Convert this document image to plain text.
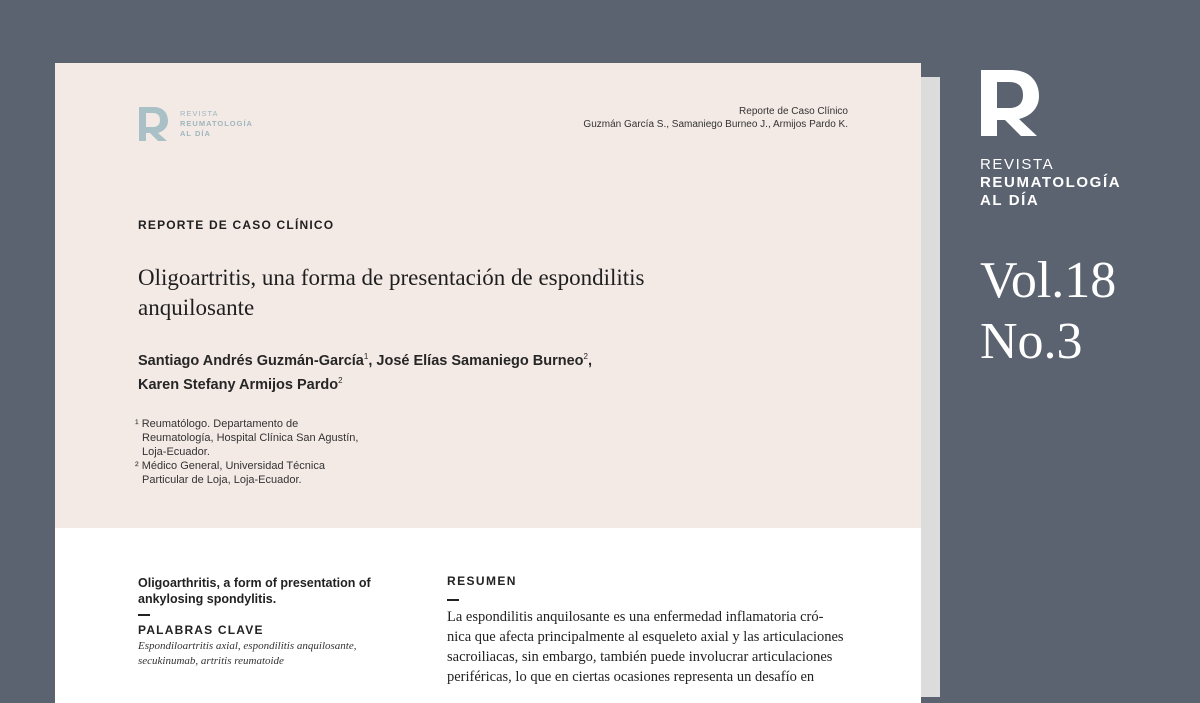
REVISTA
REUMATOLOGÍA
AL DÍA
Reporte de Caso Clínico
Guzmán García S., Samaniego Burneo J., Armijos Pardo K.
REPORTE DE CASO CLÍNICO
Oligoartritis, una forma de presentación de espondilitis anquilosante
Santiago Andrés Guzmán-García$^1$, José Elías Samaniego Burneo$^2$,
Karen Stefany Armijos Pardo$^2$
¹ Reumatólogo. Departamento de
Reumatología, Hospital Clínica San Agustín,
Loja-Ecuador.
² Médico General, Universidad Técnica
Particular de Loja, Loja-Ecuador.
Oligoarthritis, a form of presentation of ankylosing spondylitis.
PALABRAS CLAVE
Espondiloartritis axial, espondilitis anquilosante, secukinumab, artritis reumatoide
RESUMEN
La espondilitis anquilosante es una enfermedad inflamatoria cró-
nica que afecta principalmente al esqueleto axial y las articulaciones
sacroiliacas, sin embargo, también puede involucrar articulaciones
periféricas, lo que en ciertas ocasiones representa un desafío en
REVISTA
REUMATOLOGÍA
AL DÍA
Vol.18
No.3
